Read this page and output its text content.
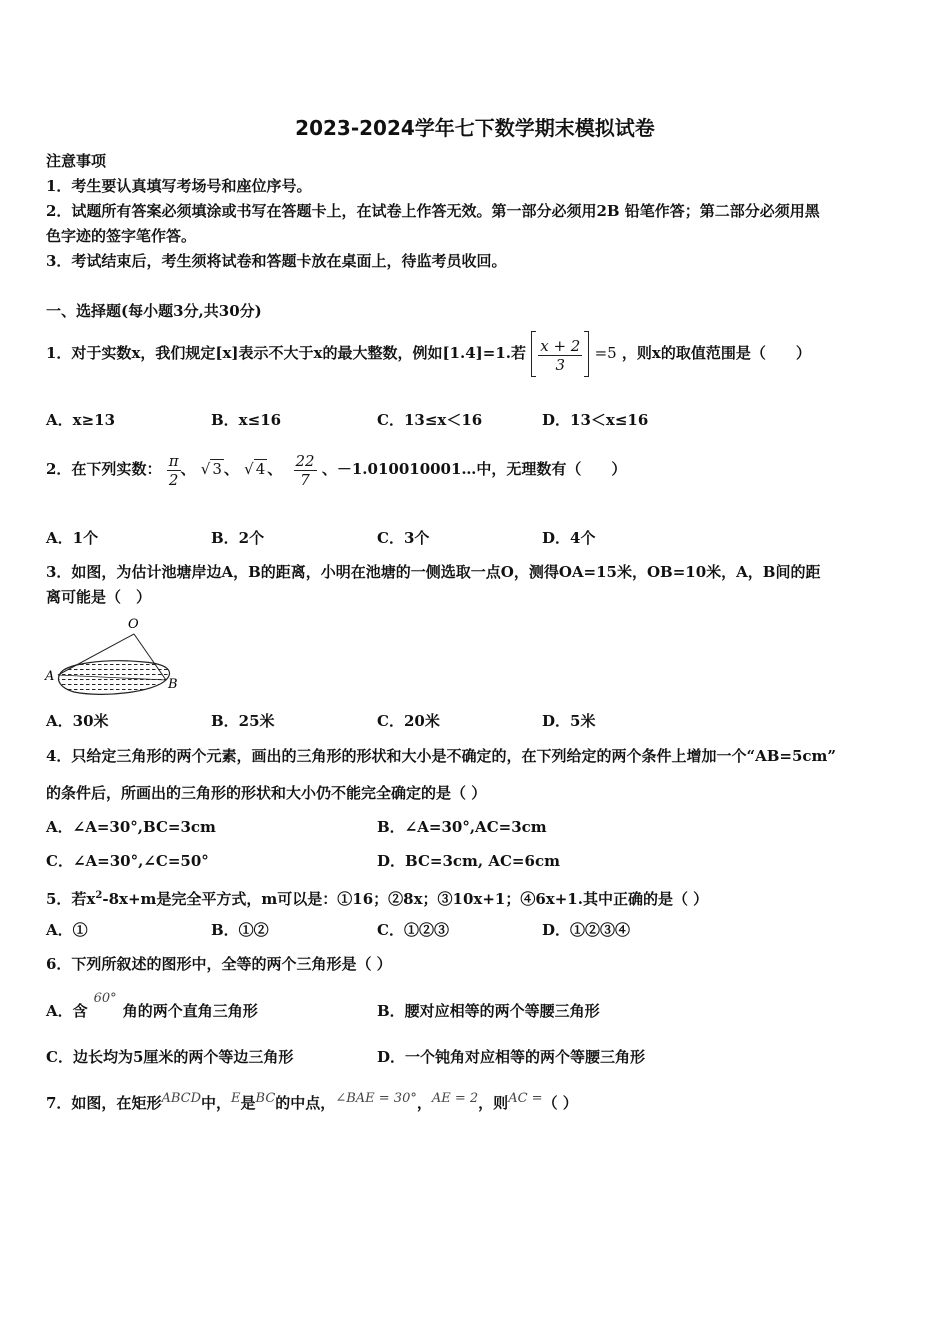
2023-2024学年七下数学期末模拟试卷
注意事项
1．考生要认真填写考场号和座位序号。
2．试题所有答案必须填涂或书写在答题卡上，在试卷上作答无效。第一部分必须用2B 铅笔作答；第二部分必须用黑
色字迹的签字笔作答。
3．考试结束后，考生须将试卷和答题卡放在桌面上，待监考员收回。
一、选择题(每小题3分,共30分)
1．对于实数x，我们规定[x]表示不大于x的最大整数，例如[1.4]=1.若 $\frac{x + 2}{3} =5$ ，则x的取值范围是（　　）
A．x≥13	B．x≤16	C．13≤x＜16	D．13＜x≤16
2．在下列实数： $\frac{\pi}{2}$ 、 √ 3 、 √ 4 、 $\frac{22}{7}$ 、－1.010010001…中，无理数有（　　）
A．1个	B．2个	C．3个	D．4个
3．如图，为估计池塘岸边A，B的距离，小明在池塘的一侧选取一点O，测得OA=15米，OB=10米，A，B间的距
离可能是（　）
O
A
B
A．30米	B．25米	C．20米	D．5米
4．只给定三角形的两个元素，画出的三角形的形状和大小是不确定的，在下列给定的两个条件上增加一个“AB=5cm”
的条件后，所画出的三角形的形状和大小仍不能完全确定的是（ ）
A．∠A=30°,BC=3cm	B．∠A=30°,AC=3cm
C．∠A=30°,∠C=50°	D．BC=3cm, AC=6cm
5．若$x^2-8x+m$是完全平方式，m可以是：①16；②8x；③10x+1；④6x+1.其中正确的是（ ）
A．①	B．①②	C．①②③	D．①②③④
6．下列所叙述的图形中，全等的两个三角形是（ ）
A．含60°角的两个直角三角形	B．腰对应相等的两个等腰三角形
C．边长均为5厘米的两个等边三角形	D．一个钝角对应相等的两个等腰三角形
7．如图，在矩形ABCD中，E是BC的中点，∠BAE = 30°，AE = 2，则AC =（ ）
